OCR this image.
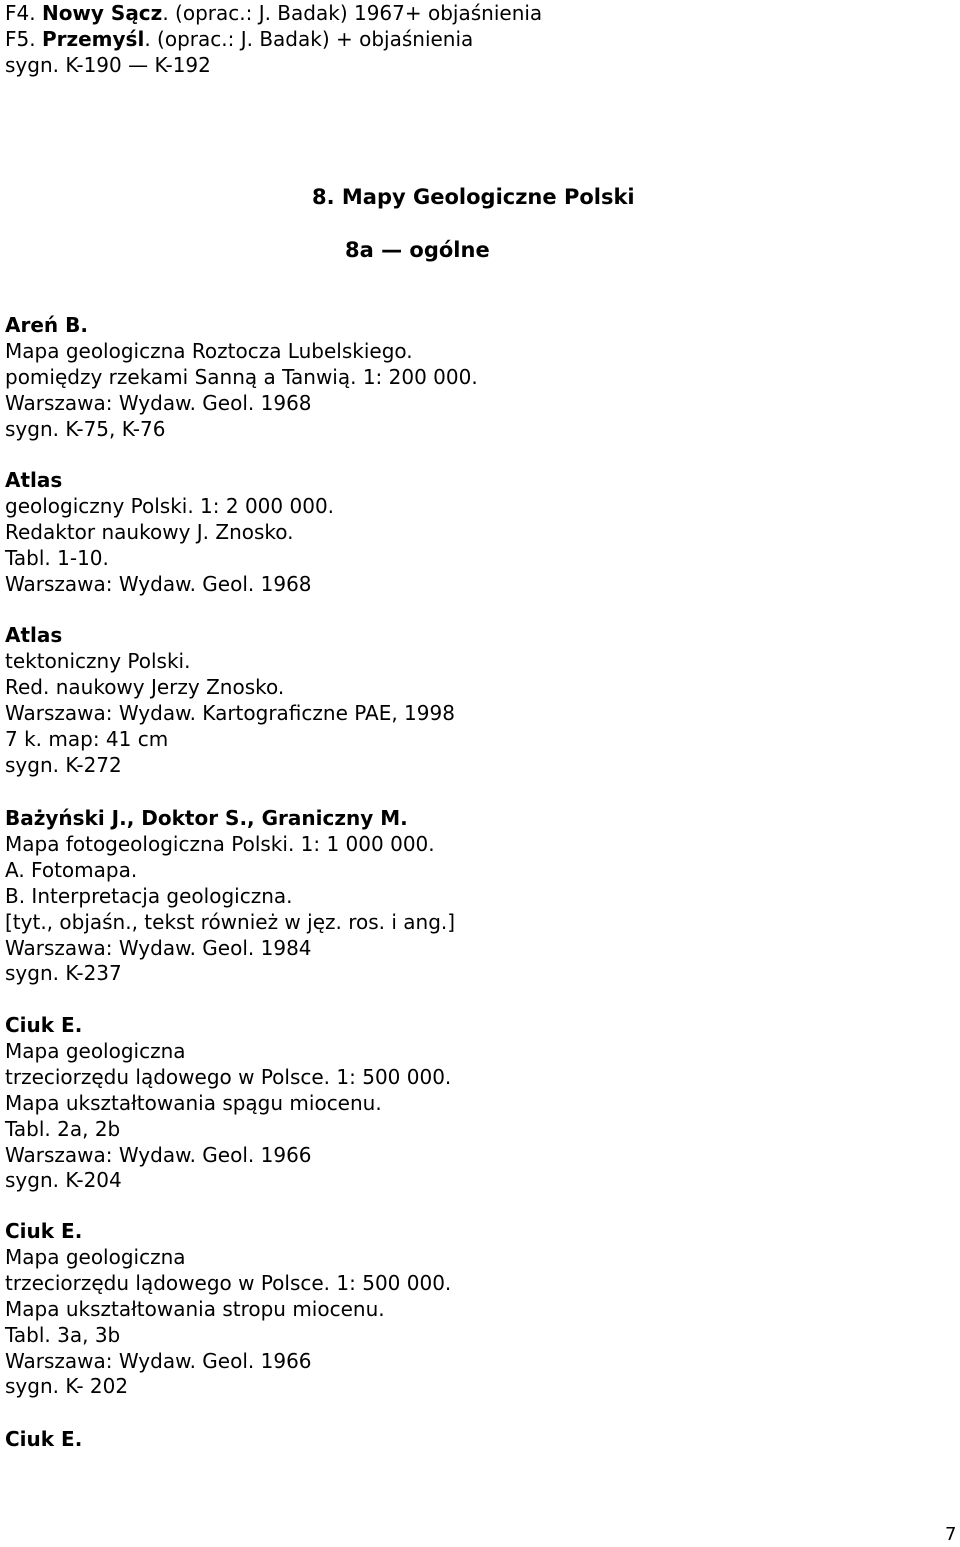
F4. Nowy Sącz. (oprac.: J. Badak) 1967+ objaśnienia
F5. Przemyśl. (oprac.: J. Badak) + objaśnienia
sygn. K-190 — K-192
8. Mapy Geologiczne Polski
8a — ogólne
Areń B.
Mapa geologiczna Roztocza Lubelskiego.
pomiędzy rzekami Sanną a Tanwią. 1: 200 000.
Warszawa: Wydaw. Geol. 1968
sygn. K-75, K-76
Atlas
geologiczny Polski. 1: 2 000 000.
Redaktor naukowy J. Znosko.
Tabl. 1-10.
Warszawa: Wydaw. Geol. 1968
Atlas
tektoniczny Polski.
Red. naukowy Jerzy Znosko.
Warszawa: Wydaw. Kartograficzne PAE, 1998
7 k. map: 41 cm
sygn. K-272
Bażyński J., Doktor S., Graniczny M.
Mapa fotogeologiczna Polski. 1: 1 000 000.
A. Fotomapa.
B. Interpretacja geologiczna.
[tyt., objaśn., tekst również w jęz. ros. i ang.]
Warszawa: Wydaw. Geol. 1984
sygn. K-237
Ciuk E.
Mapa geologiczna
trzeciorzędu lądowego w Polsce. 1: 500 000.
Mapa ukształtowania spągu miocenu.
Tabl. 2a, 2b
Warszawa: Wydaw. Geol. 1966
sygn. K-204
Ciuk E.
Mapa geologiczna
trzeciorzędu lądowego w Polsce. 1: 500 000.
Mapa ukształtowania stropu miocenu.
Tabl. 3a, 3b
Warszawa: Wydaw. Geol. 1966
sygn. K- 202
Ciuk E.
7
